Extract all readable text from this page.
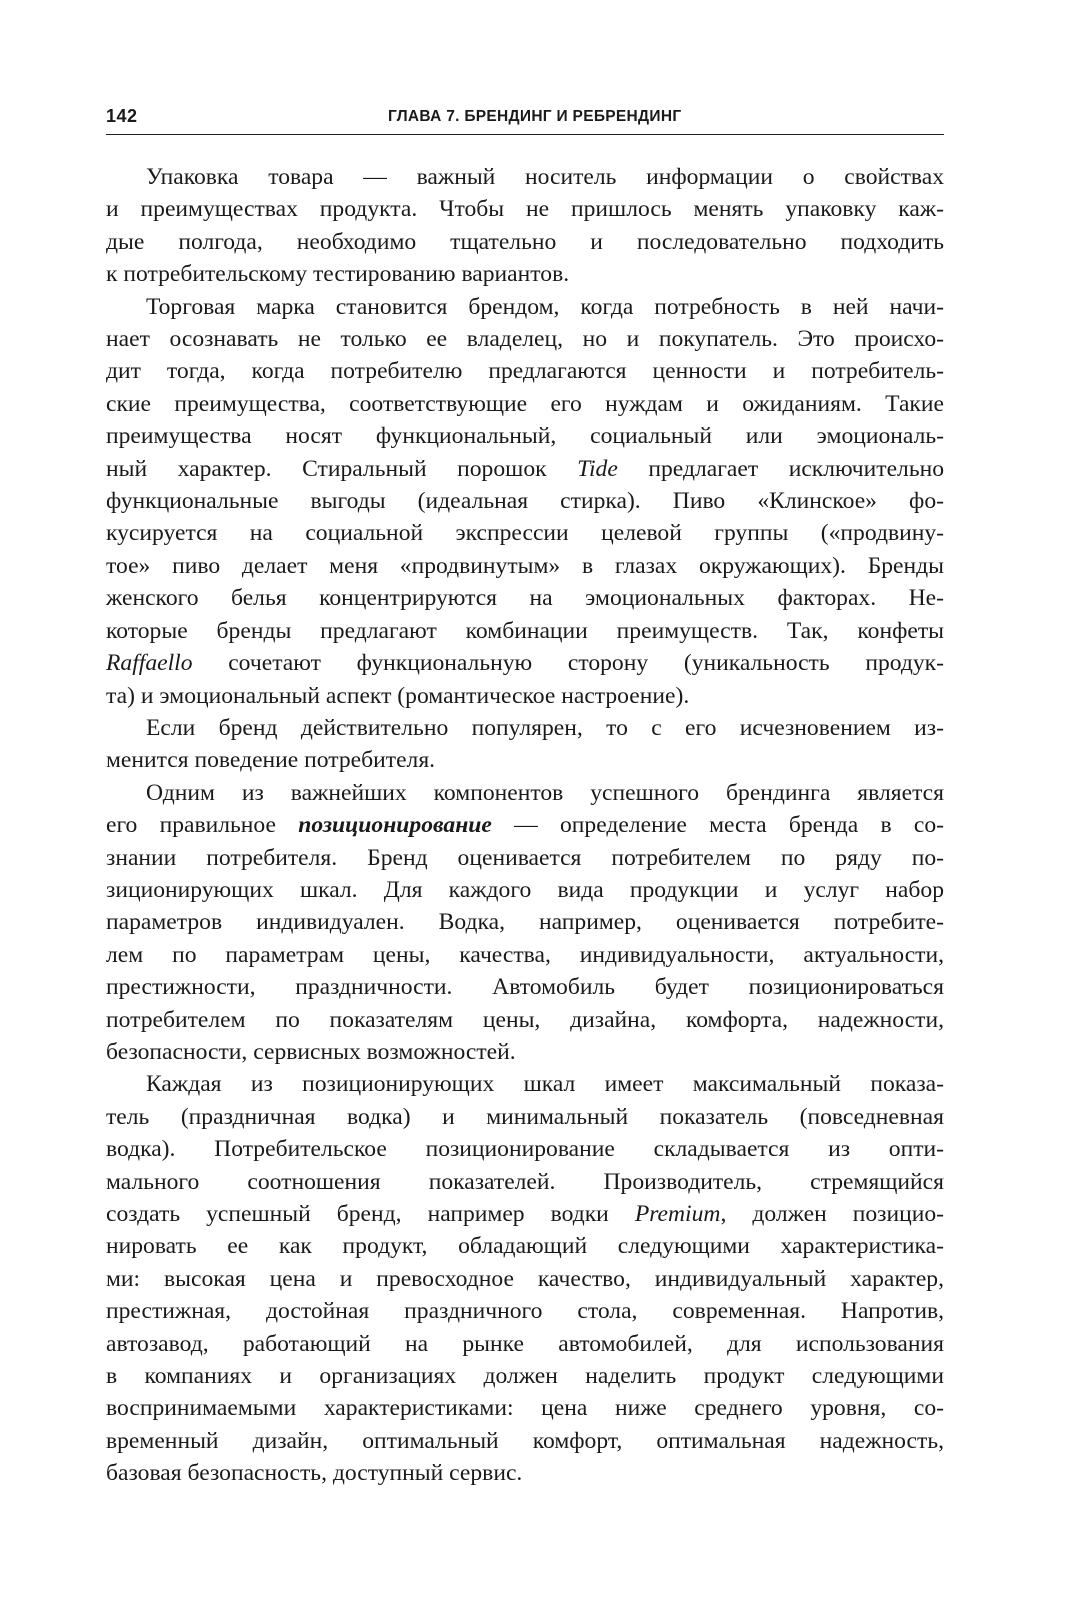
142	ГЛАВА 7. БРЕНДИНГ И РЕБРЕНДИНГ

Упаковка товара — важный носитель информации о свойствах
и преимуществах продукта. Чтобы не пришлось менять упаковку каж-
дые полгода, необходимо тщательно и последовательно подходить
к потребительскому тестированию вариантов.

Торговая марка становится брендом, когда потребность в ней начи-
нает осознавать не только ее владелец, но и покупатель. Это происхо-
дит тогда, когда потребителю предлагаются ценности и потребитель-
ские преимущества, соответствующие его нуждам и ожиданиям. Такие
преимущества носят функциональный, социальный или эмоциональ-
ный характер. Стиральный порошок Tide предлагает исключительно
функциональные выгоды (идеальная стирка). Пиво «Клинское» фо-
кусируется на социальной экспрессии целевой группы («продвину-
тое» пиво делает меня «продвинутым» в глазах окружающих). Бренды
женского белья концентрируются на эмоциональных факторах. Не-
которые бренды предлагают комбинации преимуществ. Так, конфеты
Raffaello сочетают функциональную сторону (уникальность продук-
та) и эмоциональный аспект (романтическое настроение).

Если бренд действительно популярен, то с его исчезновением из-
менится поведение потребителя.

Одним из важнейших компонентов успешного брендинга является
его правильное позиционирование — определение места бренда в со-
знании потребителя. Бренд оценивается потребителем по ряду по-
зиционирующих шкал. Для каждого вида продукции и услуг набор
параметров индивидуален. Водка, например, оценивается потребите-
лем по параметрам цены, качества, индивидуальности, актуальности,
престижности, праздничности. Автомобиль будет позиционироваться
потребителем по показателям цены, дизайна, комфорта, надежности,
безопасности, сервисных возможностей.

Каждая из позиционирующих шкал имеет максимальный показа-
тель (праздничная водка) и минимальный показатель (повседневная
водка). Потребительское позиционирование складывается из опти-
мального соотношения показателей. Производитель, стремящийся
создать успешный бренд, например водки Premium, должен позицио-
нировать ее как продукт, обладающий следующими характеристика-
ми: высокая цена и превосходное качество, индивидуальный характер,
престижная, достойная праздничного стола, современная. Напротив,
автозавод, работающий на рынке автомобилей, для использования
в компаниях и организациях должен наделить продукт следующими
воспринимаемыми характеристиками: цена ниже среднего уровня, со-
временный дизайн, оптимальный комфорт, оптимальная надежность,
базовая безопасность, доступный сервис.
